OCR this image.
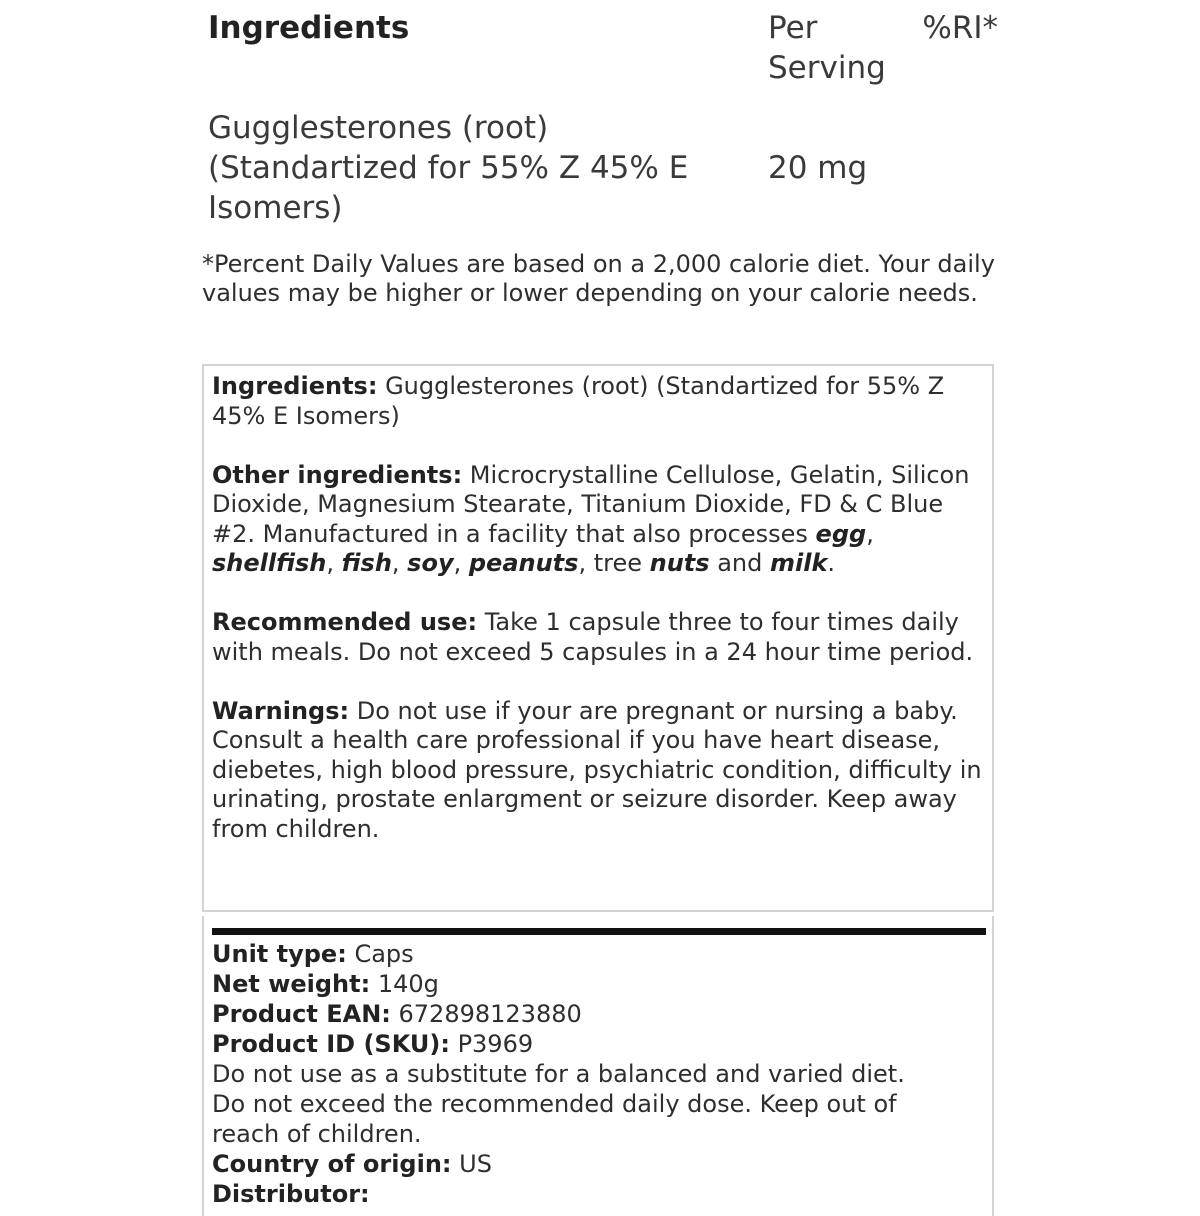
Ingredients	Per
Serving
%RI*
Gugglesterones (root)
(Standartized for 55% Z 45% E
Isomers)
20 mg
*Percent Daily Values are based on a 2,000 calorie diet. Your daily values may be higher or lower depending on your calorie needs.

Ingredients: Gugglesterones (root) (Standartized for 55% Z 45% E Isomers)

Other ingredients: Microcrystalline Cellulose, Gelatin, Silicon Dioxide, Magnesium Stearate, Titanium Dioxide, FD & C Blue #2. Manufactured in a facility that also processes egg, shellfish, fish, soy, peanuts, tree nuts and milk.

Recommended use: Take 1 capsule three to four times daily with meals. Do not exceed 5 capsules in a 24 hour time period.

Warnings: Do not use if your are pregnant or nursing a baby. Consult a health care professional if you have heart disease, diebetes, high blood pressure, psychiatric condition, difficulty in urinating, prostate enlargment or seizure disorder. Keep away from children.

Unit type: Caps
Net weight: 140g
Product EAN: 672898123880
Product ID (SKU): P3969
Do not use as a substitute for a balanced and varied diet.
Do not exceed the recommended daily dose. Keep out of
reach of children.
Country of origin: US
Distributor:
